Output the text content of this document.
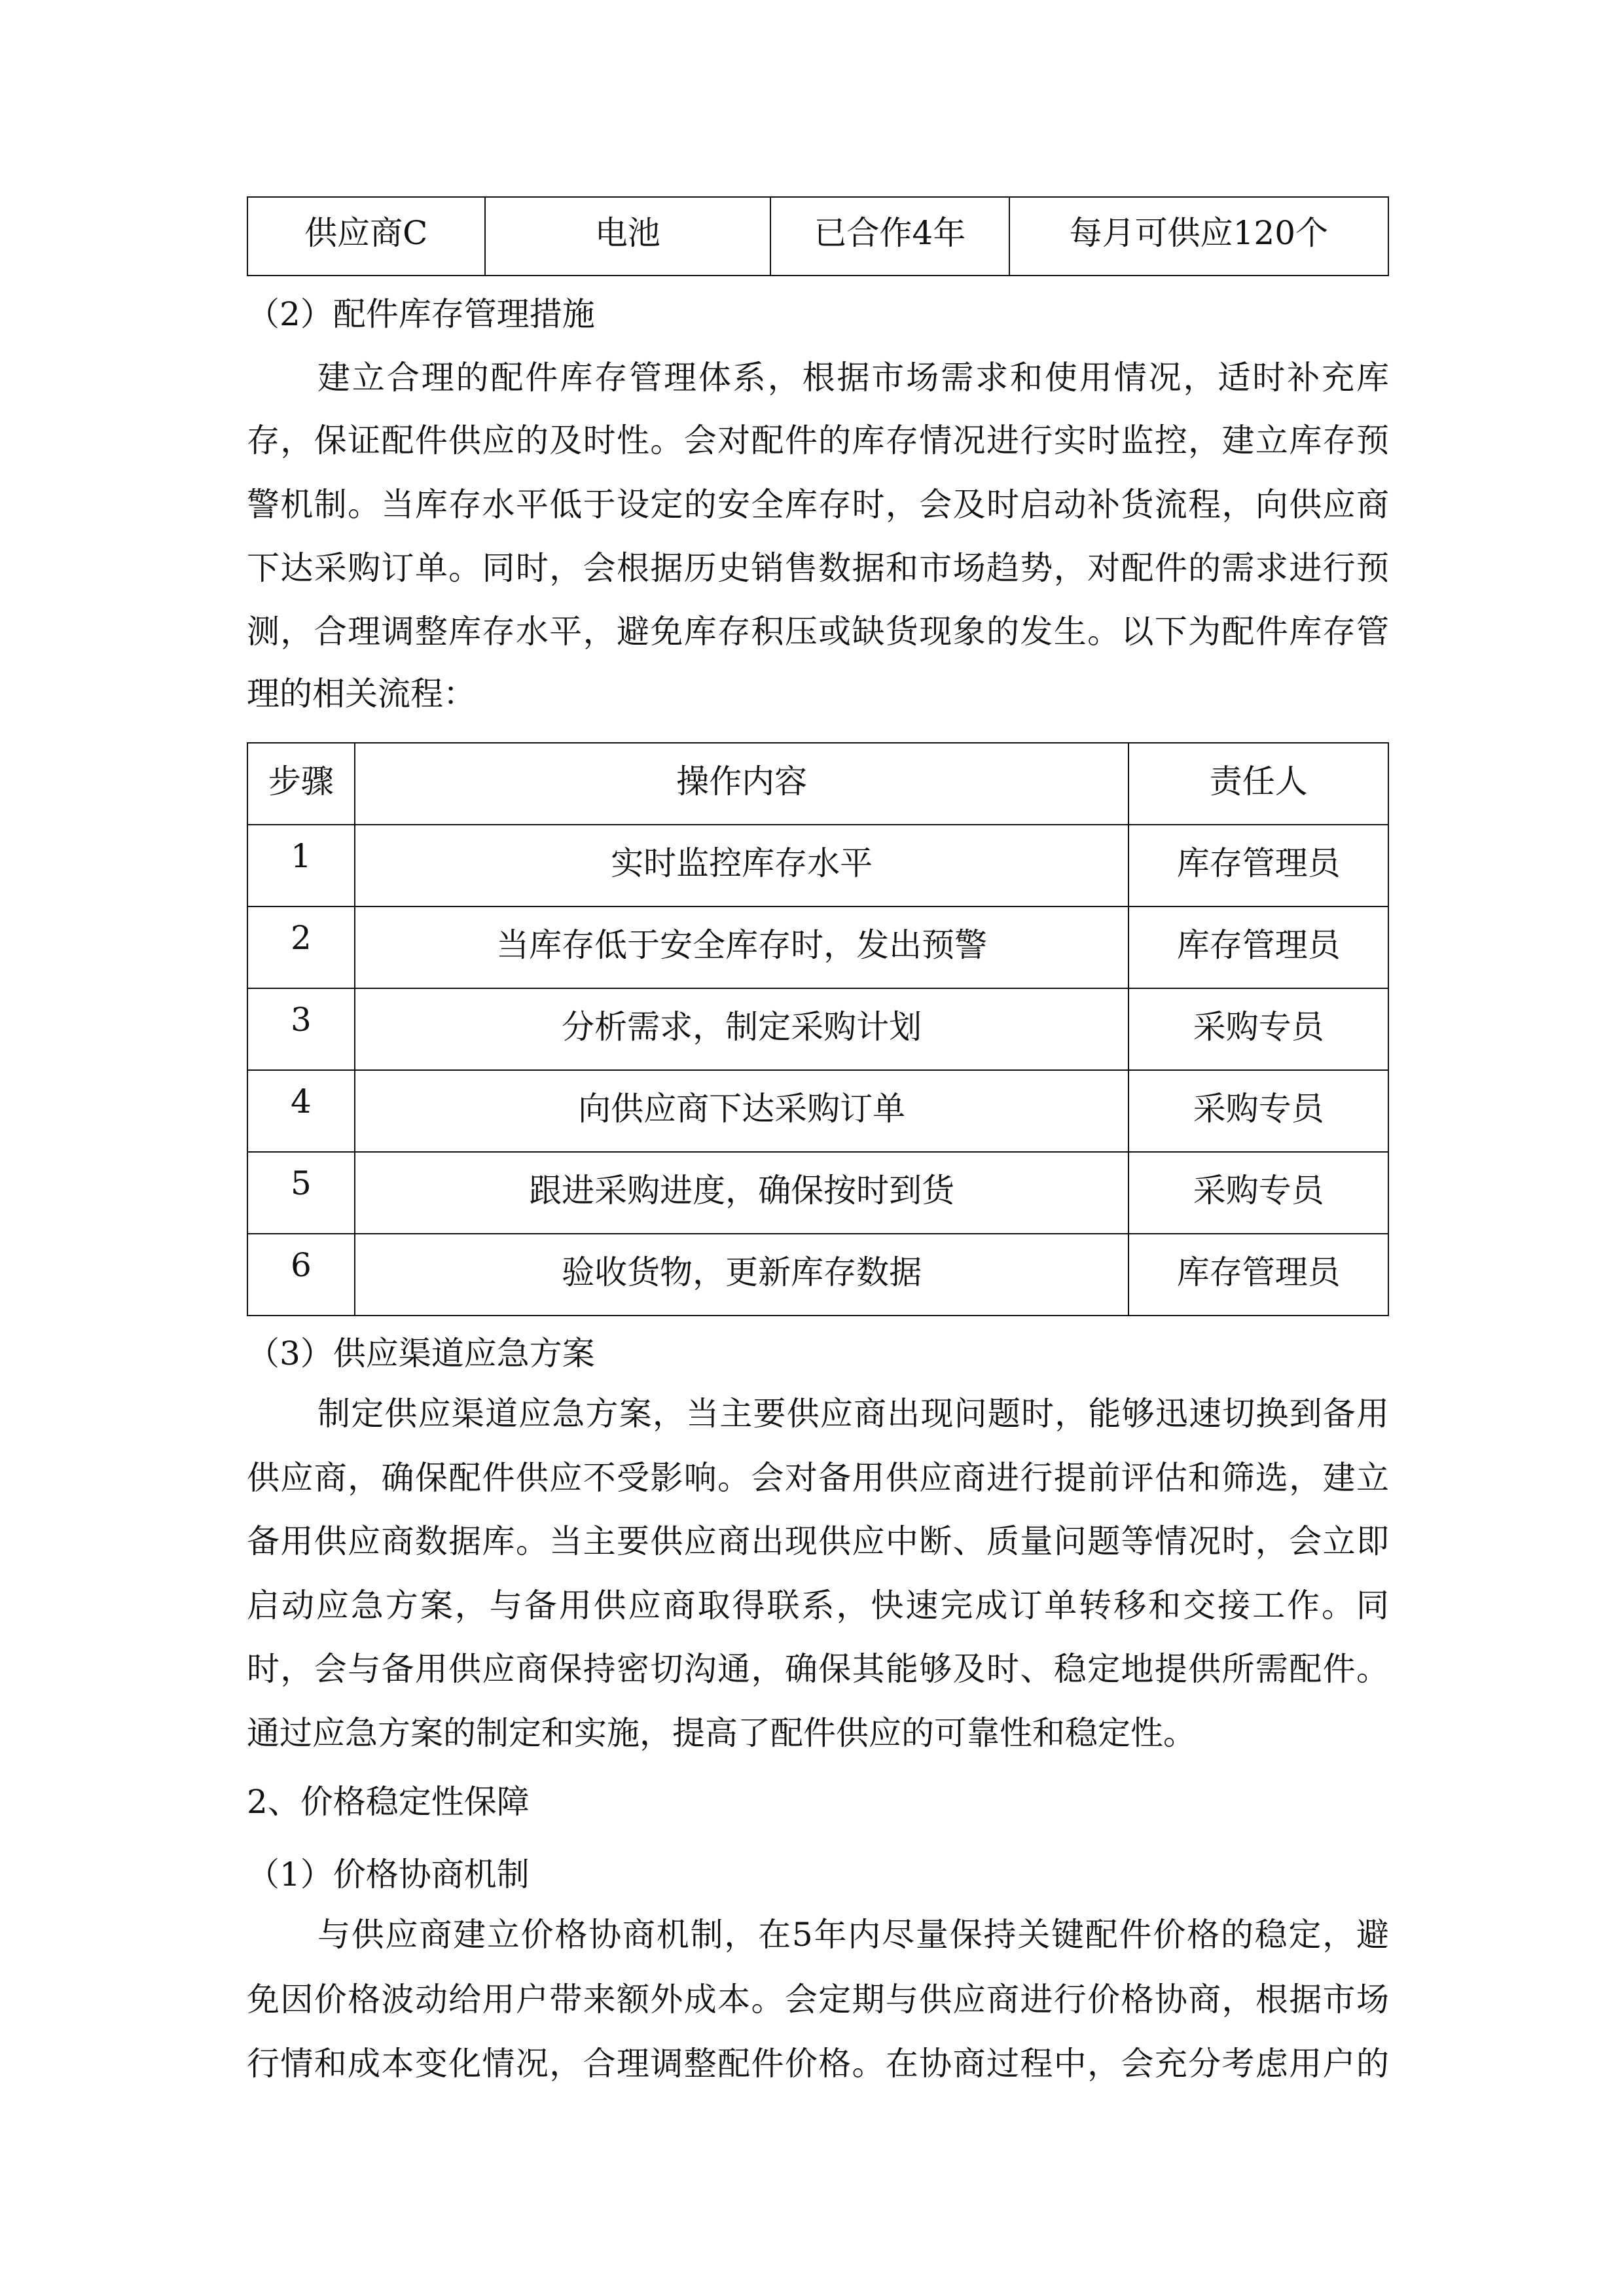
供应商C	电池	已合作4年	每月可供应120个
（2）配件库存管理措施
建立合理的配件库存管理体系，根据市场需求和使用情况，适时补充库
存，保证配件供应的及时性。会对配件的库存情况进行实时监控，建立库存预
警机制。当库存水平低于设定的安全库存时，会及时启动补货流程，向供应商
下达采购订单。同时，会根据历史销售数据和市场趋势，对配件的需求进行预
测，合理调整库存水平，避免库存积压或缺货现象的发生。以下为配件库存管
理的相关流程：
步骤	操作内容	责任人
1	实时监控库存水平	库存管理员
2	当库存低于安全库存时，发出预警	库存管理员
3	分析需求，制定采购计划	采购专员
4	向供应商下达采购订单	采购专员
5	跟进采购进度，确保按时到货	采购专员
6	验收货物，更新库存数据	库存管理员
（3）供应渠道应急方案
制定供应渠道应急方案，当主要供应商出现问题时，能够迅速切换到备用
供应商，确保配件供应不受影响。会对备用供应商进行提前评估和筛选，建立
备用供应商数据库。当主要供应商出现供应中断、质量问题等情况时，会立即
启动应急方案，与备用供应商取得联系，快速完成订单转移和交接工作。同
时，会与备用供应商保持密切沟通，确保其能够及时、稳定地提供所需配件。
通过应急方案的制定和实施，提高了配件供应的可靠性和稳定性。
2、价格稳定性保障
（1）价格协商机制
与供应商建立价格协商机制，在5年内尽量保持关键配件价格的稳定，避
免因价格波动给用户带来额外成本。会定期与供应商进行价格协商，根据市场
行情和成本变化情况，合理调整配件价格。在协商过程中，会充分考虑用户的
